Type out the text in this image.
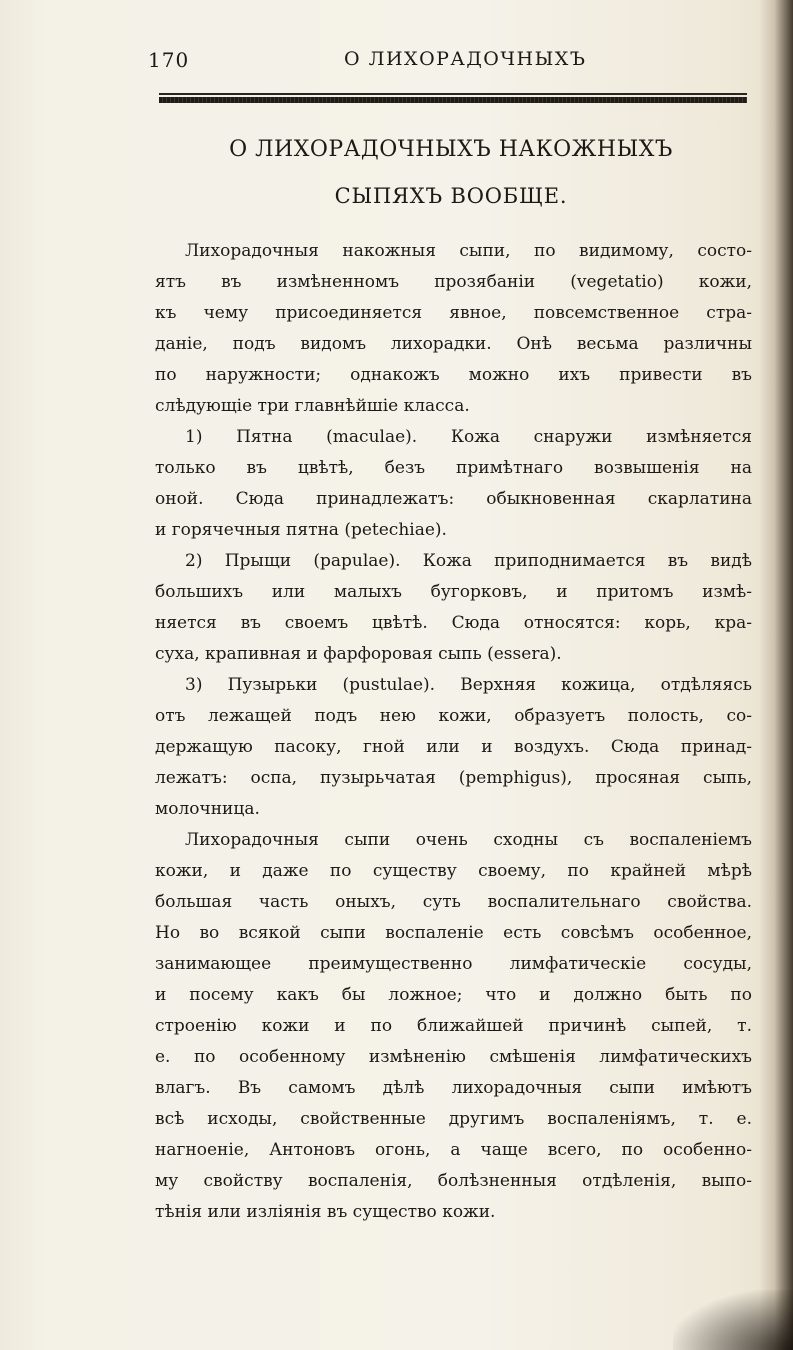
170	О ЛИХОРАДОЧНЫХЪ
О ЛИХОРАДОЧНЫХЪ НАКОЖНЫХЪ
СЫПЯХЪ ВООБЩЕ.
Лихорадочныя накожныя сыпи, по видимому, состо-
ятъ въ измѣненномъ прозябаніи (vegetatio) кожи,
къ чему присоединяется явное, повсемственное стра-
даніе, подъ видомъ лихорадки. Онѣ весьма различны
по наружности; однакожъ можно ихъ привести въ
слѣдующіе три главнѣйшіе класса.
1) Пятна (maculae). Кожа снаружи измѣняется
только въ цвѣтѣ, безъ примѣтнаго возвышенія на
оной. Сюда принадлежатъ: обыкновенная скарлатина
и горячечныя пятна (petechiae).
2) Прыщи (papulae). Кожа приподнимается въ видѣ
большихъ или малыхъ бугорковъ, и притомъ измѣ-
няется въ своемъ цвѣтѣ. Сюда относятся: корь, кра-
суха, крапивная и фарфоровая сыпь (essera).
3) Пузырьки (pustulae). Верхняя кожица, отдѣляясь
отъ лежащей подъ нею кожи, образуетъ полость, со-
держащую пасоку, гной или и воздухъ. Сюда принад-
лежатъ: оспа, пузырьчатая (pemphigus), просяная сыпь,
молочница.
Лихорадочныя сыпи очень сходны съ воспаленіемъ
кожи, и даже по существу своему, по крайней мѣрѣ
большая часть оныхъ, суть воспалительнаго свойства.
Но во всякой сыпи воспаленіе есть совсѣмъ особенное,
занимающее преимущественно лимфатическіе сосуды,
и посему какъ бы ложное; что и должно быть по
строенію кожи и по ближайшей причинѣ сыпей, т.
е. по особенному измѣненію смѣшенія лимфатическихъ
влагъ. Въ самомъ дѣлѣ лихорадочныя сыпи имѣютъ
всѣ исходы, свойственные другимъ воспаленіямъ, т. е.
нагноеніе, Антоновъ огонь, а чаще всего, по особенно-
му свойству воспаленія, болѣзненныя отдѣленія, выпо-
тѣнія или изліянія въ существо кожи.
